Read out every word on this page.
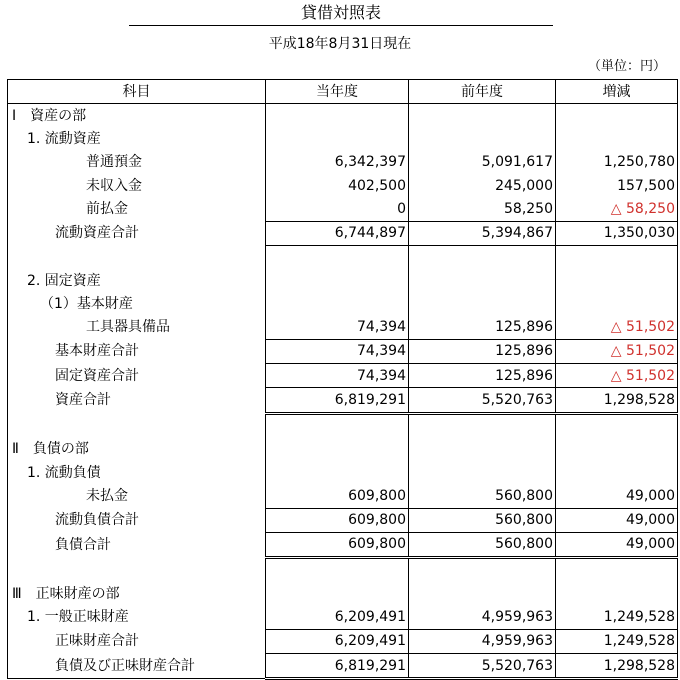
貸借対照表
平成18年8月31日現在
（単位：円）
科目	当年度	前年度	増減
Ⅰ　資産の部			
1. 流動資産			
普通預金	6,342,397	5,091,617	1,250,780
未収入金	402,500	245,000	157,500
前払金	0	58,250	△ 58,250
流動資産合計	6,744,897	5,394,867	1,350,030

2. 固定資産			
（1）基本財産			
工具器具備品	74,394	125,896	△ 51,502
基本財産合計	74,394	125,896	△ 51,502
固定資産合計	74,394	125,896	△ 51,502
資産合計	6,819,291	5,520,763	1,298,528

Ⅱ　負債の部			
1. 流動負債			
未払金	609,800	560,800	49,000
流動負債合計	609,800	560,800	49,000
負債合計	609,800	560,800	49,000

Ⅲ　正味財産の部			
1. 一般正味財産	6,209,491	4,959,963	1,249,528
正味財産合計	6,209,491	4,959,963	1,249,528
負債及び正味財産合計	6,819,291	5,520,763	1,298,528
